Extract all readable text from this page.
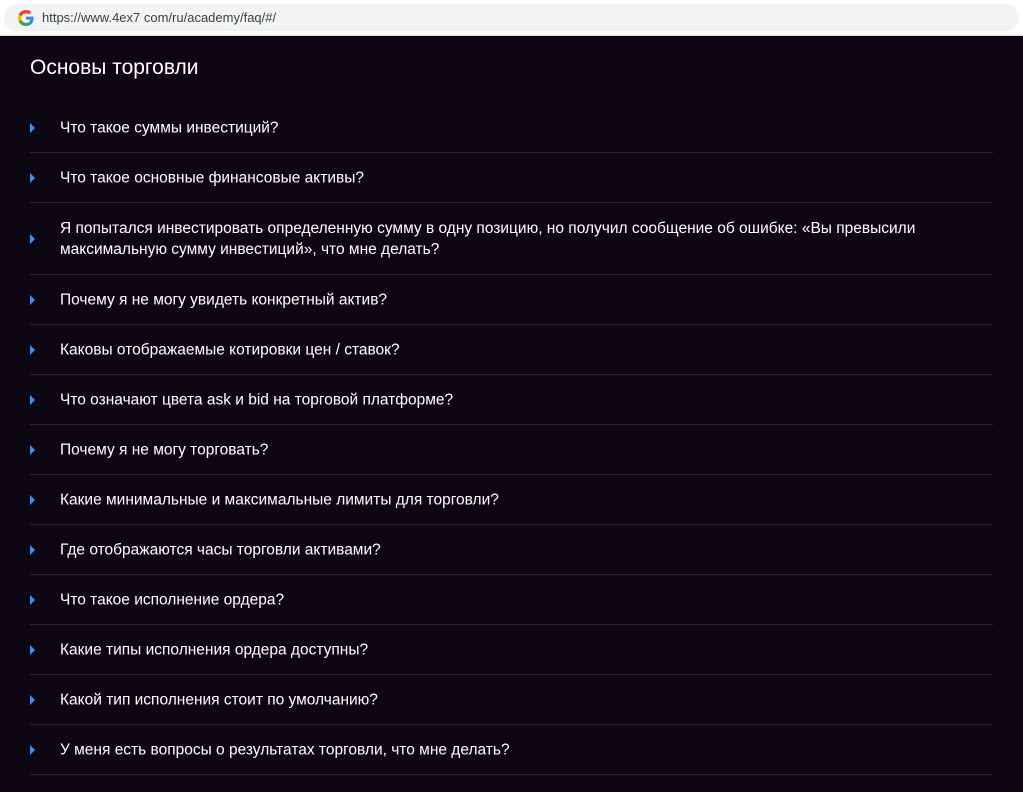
https://www.4ex7 com/ru/academy/faq/#/
Основы торговли
Что такое суммы инвестиций?
Что такое основные финансовые активы?
Я попытался инвестировать определенную сумму в одну позицию, но получил сообщение об ошибке: «Вы превысили максимальную сумму инвестиций», что мне делать?
Почему я не могу увидеть конкретный актив?
Каковы отображаемые котировки цен / ставок?
Что означают цвета ask и bid на торговой платформе?
Почему я не могу торговать?
Какие минимальные и максимальные лимиты для торговли?
Где отображаются часы торговли активами?
Что такое исполнение ордера?
Какие типы исполнения ордера доступны?
Какой тип исполнения стоит по умолчанию?
У меня есть вопросы о результатах торговли, что мне делать?
